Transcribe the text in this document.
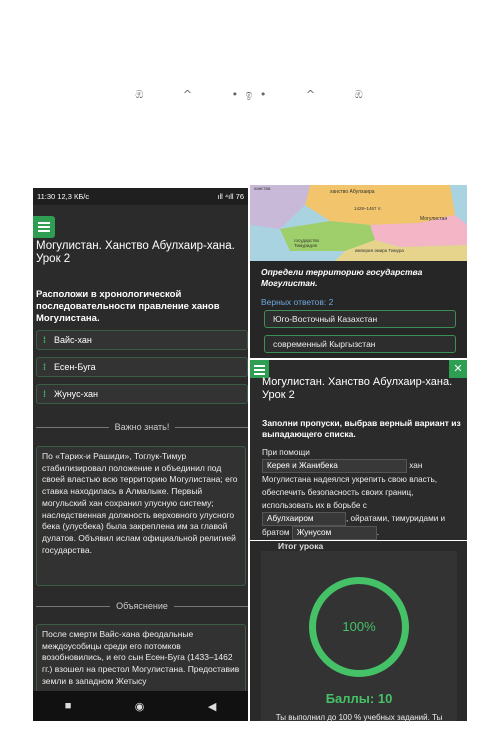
ඹ	^	• ඉ •	^	ඹ
11:30 12,3 КБ/с	ıll ⁴ıll 76
Могулистан. Ханство Абулхаир-хана. Урок 2
Расположи в хронологической последовательности правление ханов Могулистана.
⁞ Вайс-хан
⁞ Есен-Буга
⁞ Жунус-хан
Важно знать!
По «Тарих-и Рашиди», Тоглук-Тимур стабилизировал положение и объединил под своей властью всю территорию Могулистана; его ставка находилась в Алмалыке. Первый могульский хан сохранил улусную систему; наследственная должность верховного улусного бека (улусбека) была закреплена им за главой дулатов. Объявил ислам официальной религией государства.
Объяснение
После смерти Вайс-хана феодальные междоусобицы среди его потомков возобновились, и его сын Есен-Буга (1433–1462 гг.) взошел на престол Могулистана. Предоставив земли в западном Жетысу
■	◉	◀
ханство Абулхаира
1428–1467 гг.
Могулистан
государство Тимуридов
империя эмира Тимура
ханства
Определи территорию государства Могулистан.
Верных ответов: 2
Юго-Восточный Казахстан
современный Кыргызстан
✕
Могулистан. Ханство Абулхаир-хана. Урок 2
Заполни пропуски, выбрав верный вариант из выпадающего списка.
При помощи
Керея и Жанибека	хан Могулистана надеялся укрепить свою власть, обеспечить безопасность своих границ, использовать их в борьбе с
Абулхаиром	, ойратами, тимуридами и братом Жунусом	.
100%
Баллы: 10
Ты выполнил до 100 % учебных заданий. Ты
Итог урока
